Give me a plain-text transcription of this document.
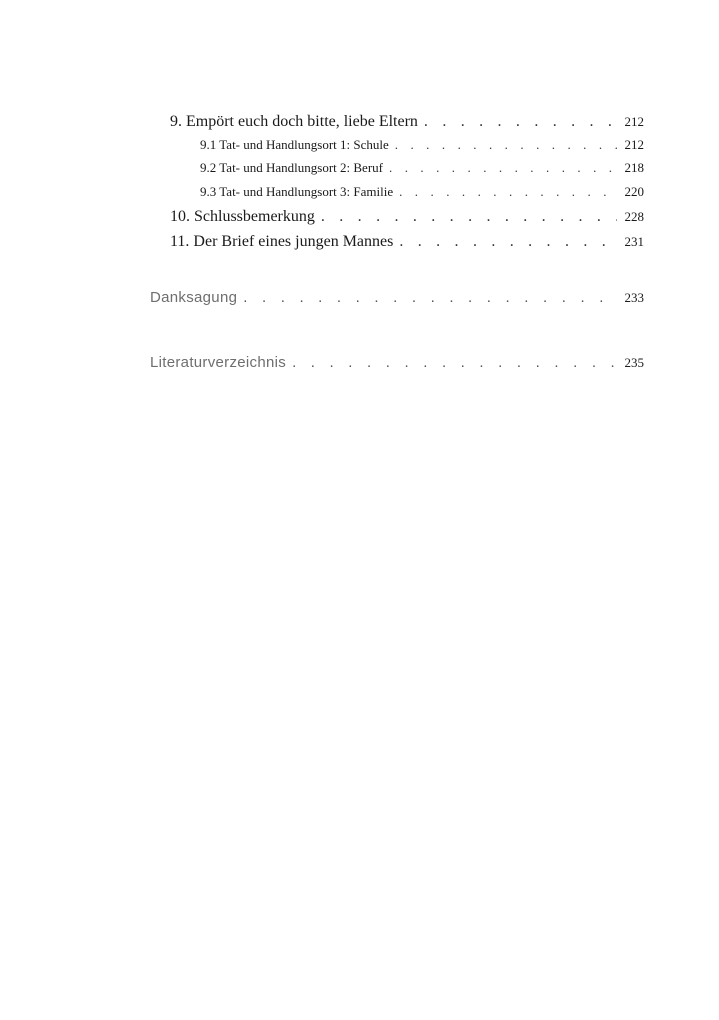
9. Empört euch doch bitte, liebe Eltern . . .	212
9.1 Tat- und Handlungsort 1: Schule . . .	212
9.2 Tat- und Handlungsort 2: Beruf . . .	218
9.3 Tat- und Handlungsort 3: Familie . . .	220
10. Schlussbemerkung . . .	228
11. Der Brief eines jungen Mannes . . .	231
Danksagung . . .	233
Literaturverzeichnis . . .	235
